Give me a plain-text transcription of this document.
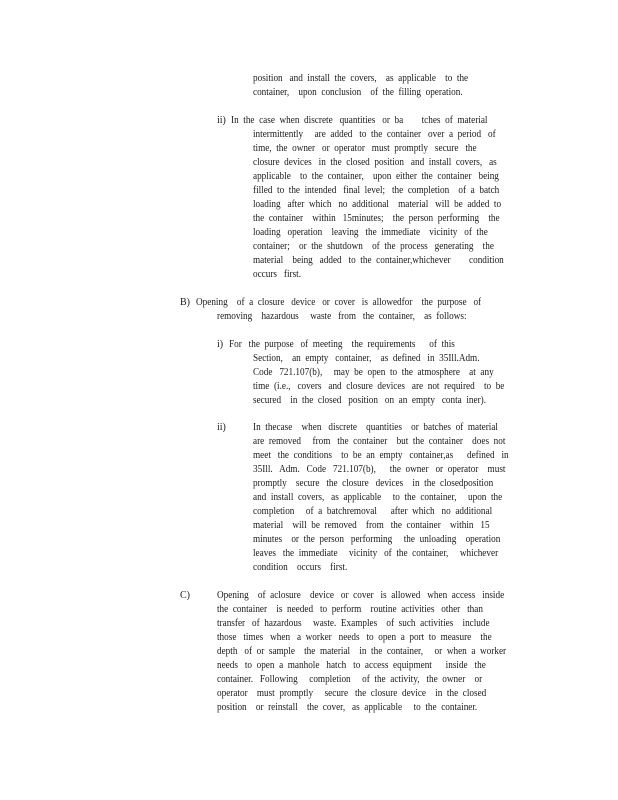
position   and  install  the  covers,    as  applicable    to  the
container,    upon  conclusion    of  the  filling  operation.
ii) In  the  case  when  discrete   quantities   or  ba        tches  of  material
intermittently     are  added   to  the  container   over  a  period   of
time,  the  owner   or  operator   must  promptly   secure   the
closure  devices   in  the  closed  position   and  install  covers,   as
applicable    to  the  container,    upon  either  the  container   being
filled  to  the  intended   final  level;   the  completion    of  a  batch
loading   after  which   no  additional    material   will  be  added  to
the  container    within   15minutes;    the  person  performing    the
loading   operation    leaving   the  immediate    vicinity   of  the
container;    or  the  shutdown    of  the  process   generating    the
material    being   added   to  the  container,whichever        condition
occurs   first.
B) Opening    of  a  closure   device   or  cover   is  allowedfor    the  purpose   of
removing    hazardous     waste   from   the  container,    as  follows:
i) For   the  purpose   of  meeting    the  requirements      of  this
Section,    an  empty   container,    as  defined   in  35Ill.Adm.
Code   721.107(b),     may  be  open  to  the  atmosphere    at  any
time  (i.e.,   covers   and  closure  devices   are  not  required    to  be
secured    in  the  closed   position   on  an  empty   conta  iner).
ii)	In  thecase    when   discrete    quantities    or  batches  of  material
are  removed     from   the  container    but  the  container    does  not
meet   the  conditions    to  be  an  empty   container,as      defined   in
35Ill.   Adm.   Code   721.107(b),      the  owner   or  operator    must
promptly    secure   the  closure   devices    in  the  closedposition
and  install  covers,   as  applicable     to  the  container,     upon  the
completion     of  a  batchremoval      after  which   no  additional
material    will  be  removed    from   the  container    within   15
minutes    or  the  person   performing     the  unloading    operation
leaves   the  immediate     vicinity   of  the  container,     whichever
condition    occurs    first.
C)	Opening    of  aclosure    device   or  cover   is  allowed   when  access   inside
the  container    is  needed   to  perform    routine  activities   other   than
transfer   of  hazardous     waste.  Examples    of  such  activities    include
those   times   when   a  worker   needs   to  open  a  port  to  measure    the
depth   of  or  sample    the  material    in  the  container,     or  when  a  worker
needs   to  open  a  manhole   hatch   to  access  equipment      inside   the
container.   Following     completion     of  the  activity,   the  owner    or
operator    must  promptly     secure   the  closure  device    in  the  closed
position    or  reinstall    the  cover,   as  applicable     to  the  container.
